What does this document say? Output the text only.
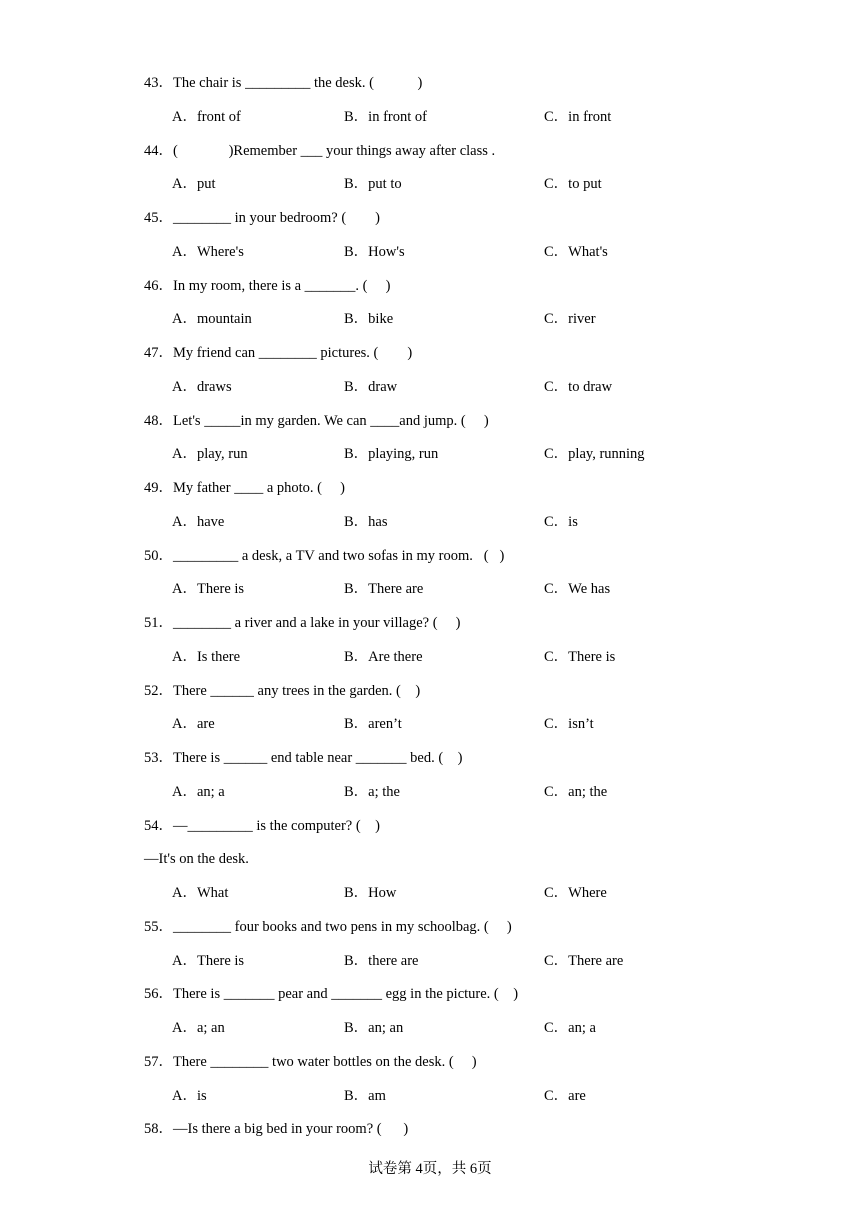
43．The chair is _________ the desk. (            )
A．front of	B．in front of	C．in front
44．(              )Remember ___ your things away after class .
A．put	B．put to	C．to put
45．________ in your bedroom? (        )
A．Where's	B．How's	C．What's
46．In my room, there is a _______. (     )
A．mountain	B．bike	C．river
47．My friend can ________ pictures. (        )
A．draws	B．draw	C．to draw
48．Let's _____in my garden. We can ____and jump. (     )
A．play, run	B．playing, run	C．play, running
49．My father ____ a photo. (     )
A．have	B．has	C．is
50．_________ a desk, a TV and two sofas in my room.   (   )
A．There is	B．There are	C．We has
51．________ a river and a lake in your village? (     )
A．Is there	B．Are there	C．There is
52．There ______ any trees in the garden. (    )
A．are	B．aren’t	C．isn’t
53．There is ______ end table near _______ bed. (    )
A．an; a	B．a; the	C．an; the
54．—_________ is the computer? (    )
—It's on the desk.
A．What	B．How	C．Where
55．________ four books and two pens in my schoolbag. (     )
A．There is	B．there are	C．There are
56．There is _______ pear and _______ egg in the picture. (    )
A．a; an	B．an; an	C．an; a
57．There ________ two water bottles on the desk. (     )
A．is	B．am	C．are
58．—Is there a big bed in your room? (      )
试卷第 4页，共 6页
